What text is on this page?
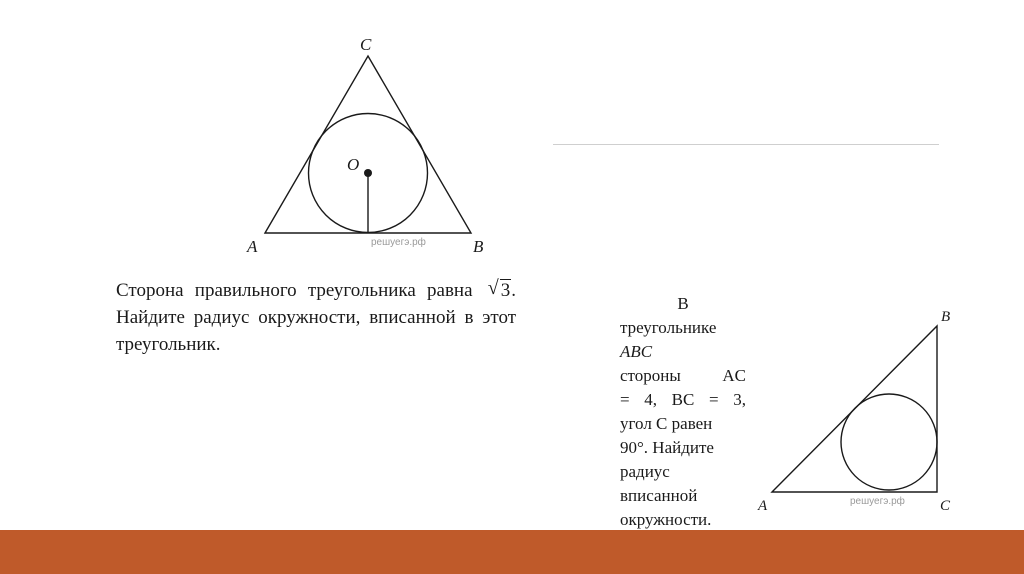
A	B
C
O
решуегэ.рф
Сторона правильного треугольника равна √ 3. Найдите радиус окружности, вписанной в этот треугольник.
В
треугольнике
ABC
стороны AC
= 4, BC = 3,
угол C равен
90°. Найдите
радиус
вписанной
окружности.
A
B
C
решуегэ.рф
